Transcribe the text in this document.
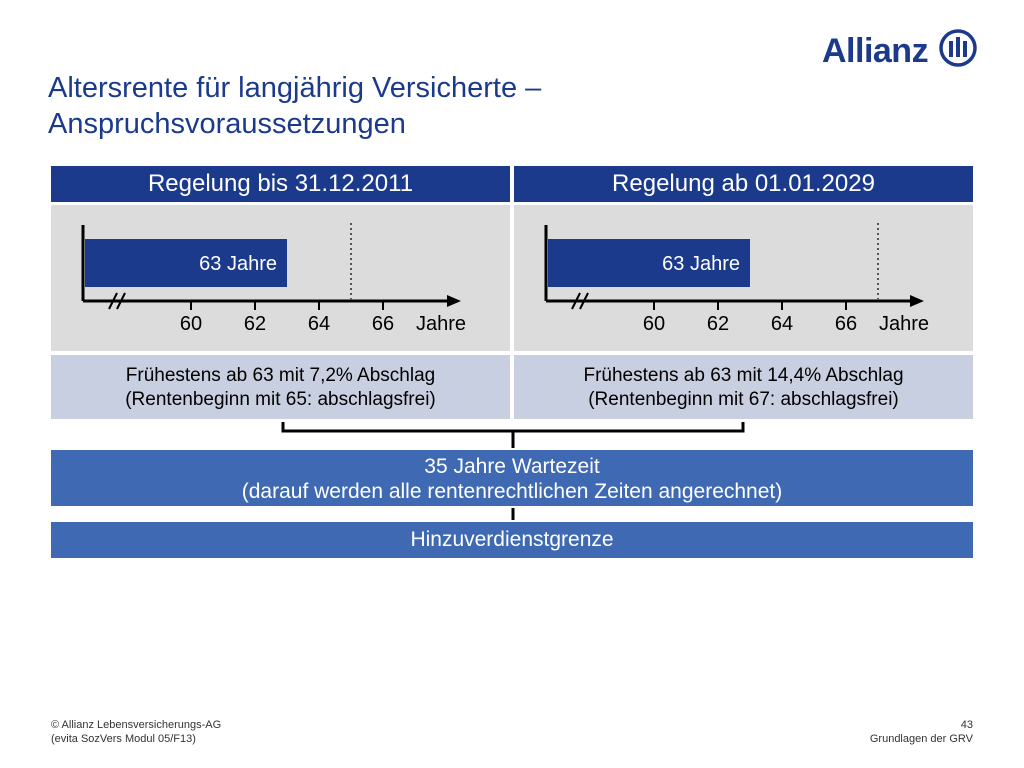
Allianz
Altersrente für langjährig Versicherte –
Anspruchsvoraussetzungen
Regelung bis 31.12.2011	Regelung ab 01.01.2029
63 Jahre
60 62 64 66 Jahre
63 Jahre
60 62 64 66 Jahre
Frühestens ab 63 mit 7,2% Abschlag
(Rentenbeginn mit 65: abschlagsfrei)
Frühestens ab 63 mit 14,4% Abschlag
(Rentenbeginn mit 67: abschlagsfrei)
35 Jahre Wartezeit
(darauf werden alle rentenrechtlichen Zeiten angerechnet)
Hinzuverdienstgrenze
© Allianz Lebensversicherungs-AG
(evita SozVers Modul 05/F13)
43
Grundlagen der GRV
